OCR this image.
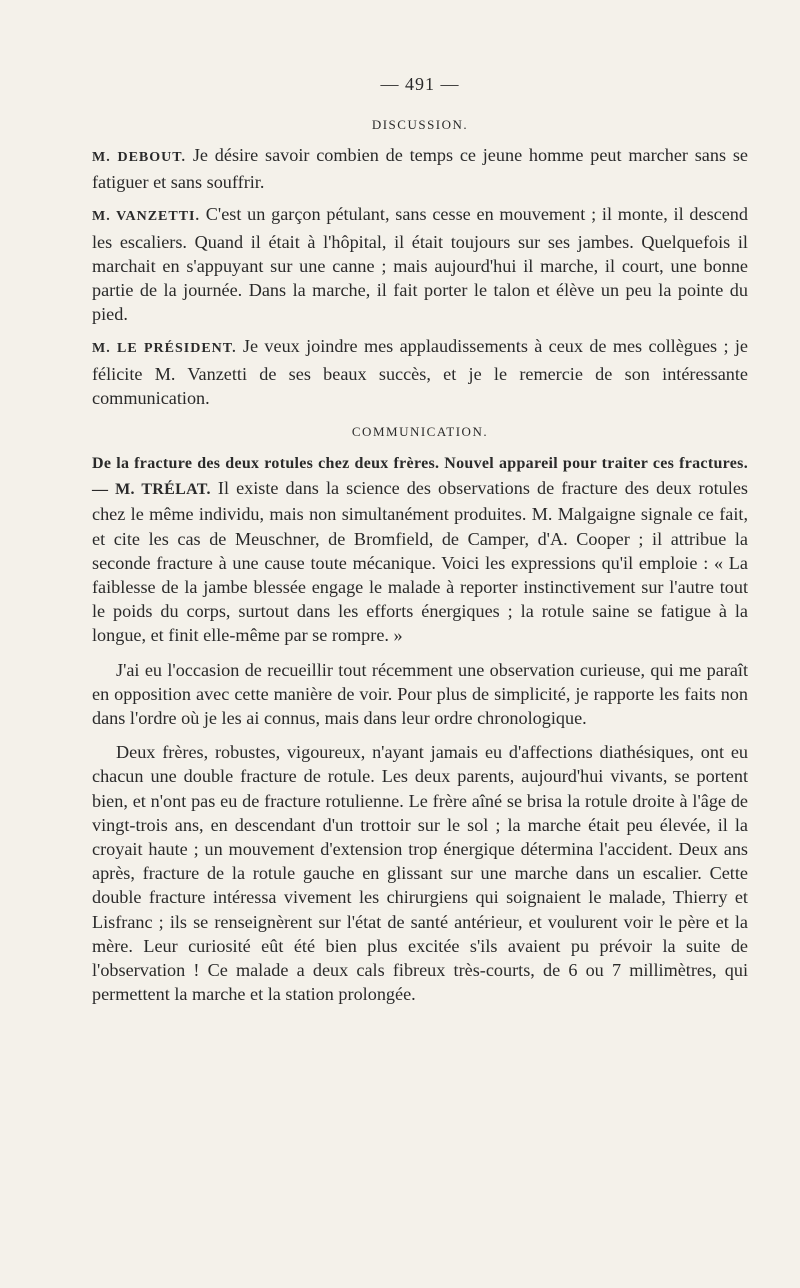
— 491 —
DISCUSSION.

M. DEBOUT. Je désire savoir combien de temps ce jeune homme peut marcher sans se fatiguer et sans souffrir.

M. VANZETTI. C'est un garçon pétulant, sans cesse en mouvement ; il monte, il descend les escaliers. Quand il était à l'hôpital, il était toujours sur ses jambes. Quelquefois il marchait en s'appuyant sur une canne ; mais aujourd'hui il marche, il court, une bonne partie de la journée. Dans la marche, il fait porter le talon et élève un peu la pointe du pied.

M. LE PRÉSIDENT. Je veux joindre mes applaudissements à ceux de mes collègues ; je félicite M. Vanzetti de ses beaux succès, et je le remercie de son intéressante communication.

COMMUNICATION.

De la fracture des deux rotules chez deux frères. Nouvel appareil pour traiter ces fractures. — M. TRÉLAT. Il existe dans la science des observations de fracture des deux rotules chez le même individu, mais non simultanément produites. M. Malgaigne signale ce fait, et cite les cas de Meuschner, de Bromfield, de Camper, d'A. Cooper ; il attribue la seconde fracture à une cause toute mécanique. Voici les expressions qu'il emploie : « La faiblesse de la jambe blessée engage le malade à reporter instinctivement sur l'autre tout le poids du corps, surtout dans les efforts énergiques ; la rotule saine se fatigue à la longue, et finit elle-même par se rompre. »

J'ai eu l'occasion de recueillir tout récemment une observation curieuse, qui me paraît en opposition avec cette manière de voir. Pour plus de simplicité, je rapporte les faits non dans l'ordre où je les ai connus, mais dans leur ordre chronologique.

Deux frères, robustes, vigoureux, n'ayant jamais eu d'affections diathésiques, ont eu chacun une double fracture de rotule. Les deux parents, aujourd'hui vivants, se portent bien, et n'ont pas eu de fracture rotulienne. Le frère aîné se brisa la rotule droite à l'âge de vingt-trois ans, en descendant d'un trottoir sur le sol ; la marche était peu élevée, il la croyait haute ; un mouvement d'extension trop énergique détermina l'accident. Deux ans après, fracture de la rotule gauche en glissant sur une marche dans un escalier. Cette double fracture intéressa vivement les chirurgiens qui soignaient le malade, Thierry et Lisfranc ; ils se renseignèrent sur l'état de santé antérieur, et voulurent voir le père et la mère. Leur curiosité eût été bien plus excitée s'ils avaient pu prévoir la suite de l'observation ! Ce malade a deux cals fibreux très-courts, de 6 ou 7 millimètres, qui permettent la marche et la station prolongée.
